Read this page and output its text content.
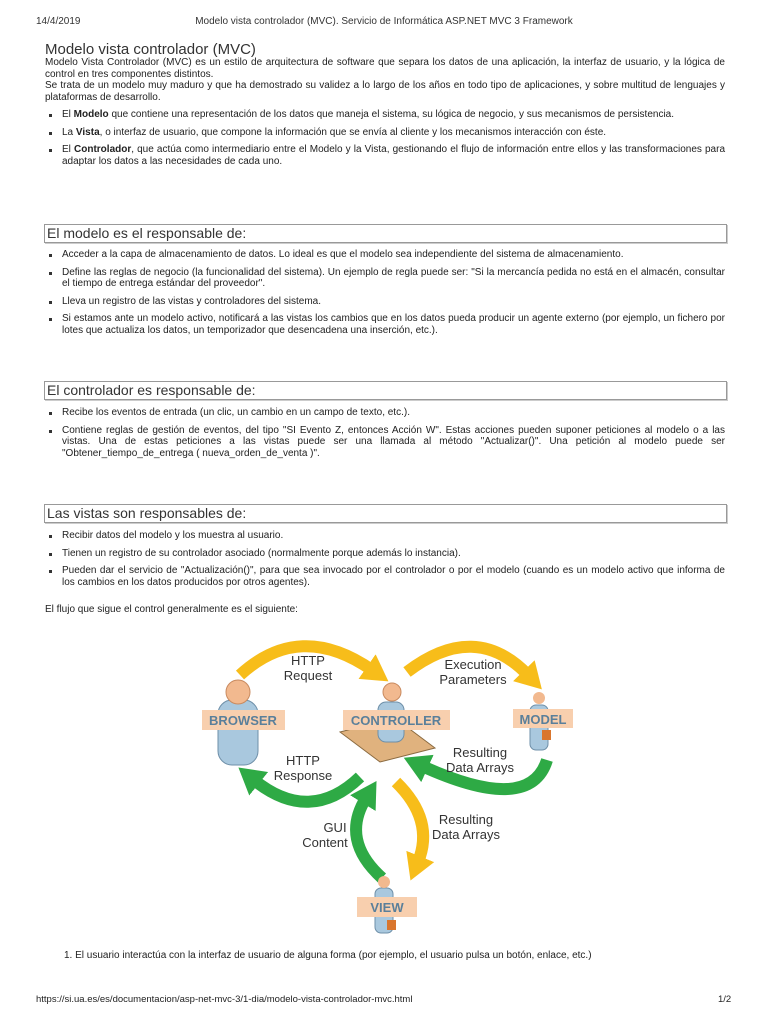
14/4/2019	Modelo vista controlador (MVC). Servicio de Informática ASP.NET MVC 3 Framework
Modelo vista controlador (MVC)
Modelo Vista Controlador (MVC) es un estilo de arquitectura de software que separa los datos de una aplicación, la interfaz de usuario, y la lógica de control en tres componentes distintos.
Se trata de un modelo muy maduro y que ha demostrado su validez a lo largo de los años en todo tipo de aplicaciones, y sobre multitud de lenguajes y plataformas de desarrollo.
El Modelo que contiene una representación de los datos que maneja el sistema, su lógica de negocio, y sus mecanismos de persistencia.
La Vista, o interfaz de usuario, que compone la información que se envía al cliente y los mecanismos interacción con éste.
El Controlador, que actúa como intermediario entre el Modelo y la Vista, gestionando el flujo de información entre ellos y las transformaciones para adaptar los datos a las necesidades de cada uno.
El modelo es el responsable de:
Acceder a la capa de almacenamiento de datos. Lo ideal es que el modelo sea independiente del sistema de almacenamiento.
Define las reglas de negocio (la funcionalidad del sistema). Un ejemplo de regla puede ser: "Si la mercancía pedida no está en el almacén, consultar el tiempo de entrega estándar del proveedor".
Lleva un registro de las vistas y controladores del sistema.
Si estamos ante un modelo activo, notificará a las vistas los cambios que en los datos pueda producir un agente externo (por ejemplo, un fichero por lotes que actualiza los datos, un temporizador que desencadena una inserción, etc.).
El controlador es responsable de:
Recibe los eventos de entrada (un clic, un cambio en un campo de texto, etc.).
Contiene reglas de gestión de eventos, del tipo "SI Evento Z, entonces Acción W". Estas acciones pueden suponer peticiones al modelo o a las vistas. Una de estas peticiones a las vistas puede ser una llamada al método "Actualizar()". Una petición al modelo puede ser "Obtener_tiempo_de_entrega ( nueva_orden_de_venta )".
Las vistas son responsables de:
Recibir datos del modelo y los muestra al usuario.
Tienen un registro de su controlador asociado (normalmente porque además lo instancia).
Pueden dar el servicio de "Actualización()", para que sea invocado por el controlador o por el modelo (cuando es un modelo activo que informa de los cambios en los datos producidos por otros agentes).
El flujo que sigue el control generalmente es el siguiente:
BROWSER	CONTROLLER	MODEL
VIEW
HTTP
Request
Execution
Parameters
Resulting
Data Arrays
HTTP
Response
GUI
Content
Resulting
Data Arrays
1. El usuario interactúa con la interfaz de usuario de alguna forma (por ejemplo, el usuario pulsa un botón, enlace, etc.)
https://si.ua.es/es/documentacion/asp-net-mvc-3/1-dia/modelo-vista-controlador-mvc.html	1/2
